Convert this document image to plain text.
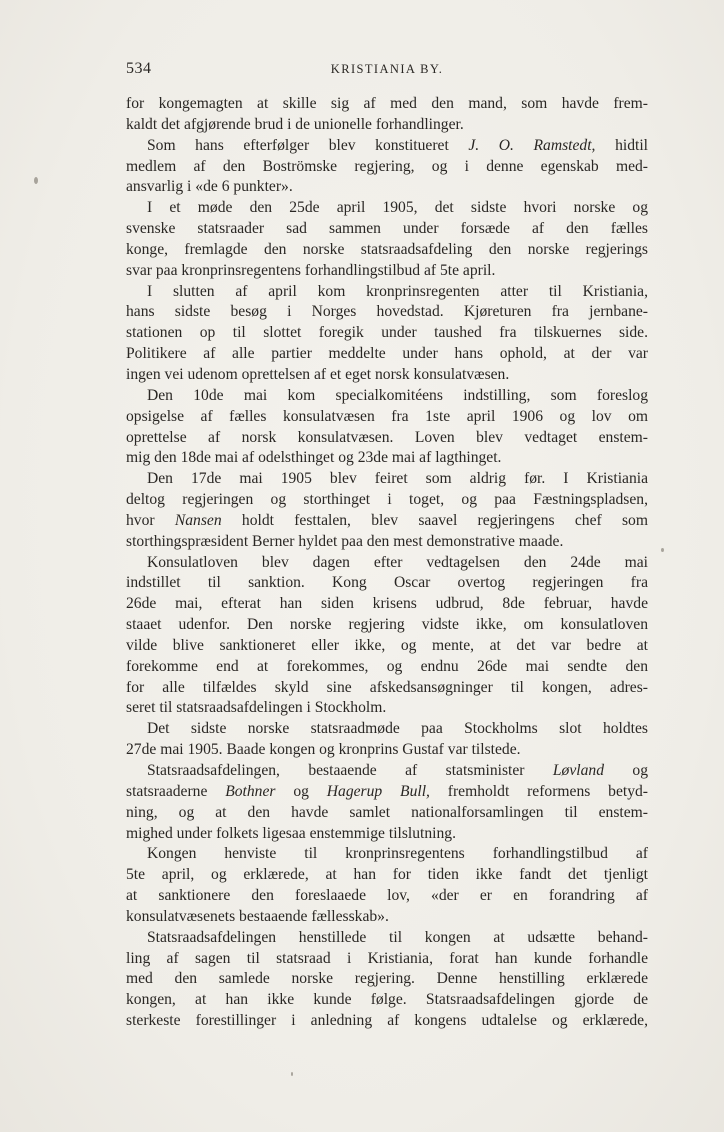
534	KRISTIANIA BY.
for kongemagten at skille sig af med den mand, som havde frem-
kaldt det afgjørende brud i de unionelle forhandlinger.
Som hans efterfølger blev konstitueret J. O. Ramstedt, hidtil
medlem af den Boströmske regjering, og i denne egenskab med-
ansvarlig i «de 6 punkter».
I et møde den 25de april 1905, det sidste hvori norske og
svenske statsraader sad sammen under forsæde af den fælles
konge, fremlagde den norske statsraadsafdeling den norske regjerings
svar paa kronprinsregentens forhandlingstilbud af 5te april.
I slutten af april kom kronprinsregenten atter til Kristiania,
hans sidste besøg i Norges hovedstad. Kjøreturen fra jernbane-
stationen op til slottet foregik under taushed fra tilskuernes side.
Politikere af alle partier meddelte under hans ophold, at der var
ingen vei udenom oprettelsen af et eget norsk konsulatvæsen.
Den 10de mai kom specialkomitéens indstilling, som foreslog
opsigelse af fælles konsulatvæsen fra 1ste april 1906 og lov om
oprettelse af norsk konsulatvæsen. Loven blev vedtaget enstem-
mig den 18de mai af odelsthinget og 23de mai af lagthinget.
Den 17de mai 1905 blev feiret som aldrig før. I Kristiania
deltog regjeringen og storthinget i toget, og paa Fæstningspladsen,
hvor Nansen holdt festtalen, blev saavel regjeringens chef som
storthingspræsident Berner hyldet paa den mest demonstrative maade.
Konsulatloven blev dagen efter vedtagelsen den 24de mai
indstillet til sanktion. Kong Oscar overtog regjeringen fra
26de mai, efterat han siden krisens udbrud, 8de februar, havde
staaet udenfor. Den norske regjering vidste ikke, om konsulatloven
vilde blive sanktioneret eller ikke, og mente, at det var bedre at
forekomme end at forekommes, og endnu 26de mai sendte den
for alle tilfældes skyld sine afskedsansøgninger til kongen, adres-
seret til statsraadsafdelingen i Stockholm.
Det sidste norske statsraadmøde paa Stockholms slot holdtes
27de mai 1905. Baade kongen og kronprins Gustaf var tilstede.
Statsraadsafdelingen, bestaaende af statsminister Løvland og
statsraaderne Bothner og Hagerup Bull, fremholdt reformens betyd-
ning, og at den havde samlet nationalforsamlingen til enstem-
mighed under folkets ligesaa enstemmige tilslutning.
Kongen henviste til kronprinsregentens forhandlingstilbud af
5te april, og erklærede, at han for tiden ikke fandt det tjenligt
at sanktionere den foreslaaede lov, «der er en forandring af
konsulatvæsenets bestaaende fællesskab».
Statsraadsafdelingen henstillede til kongen at udsætte behand-
ling af sagen til statsraad i Kristiania, forat han kunde forhandle
med den samlede norske regjering. Denne henstilling erklærede
kongen, at han ikke kunde følge. Statsraadsafdelingen gjorde de
sterkeste forestillinger i anledning af kongens udtalelse og erklærede,
